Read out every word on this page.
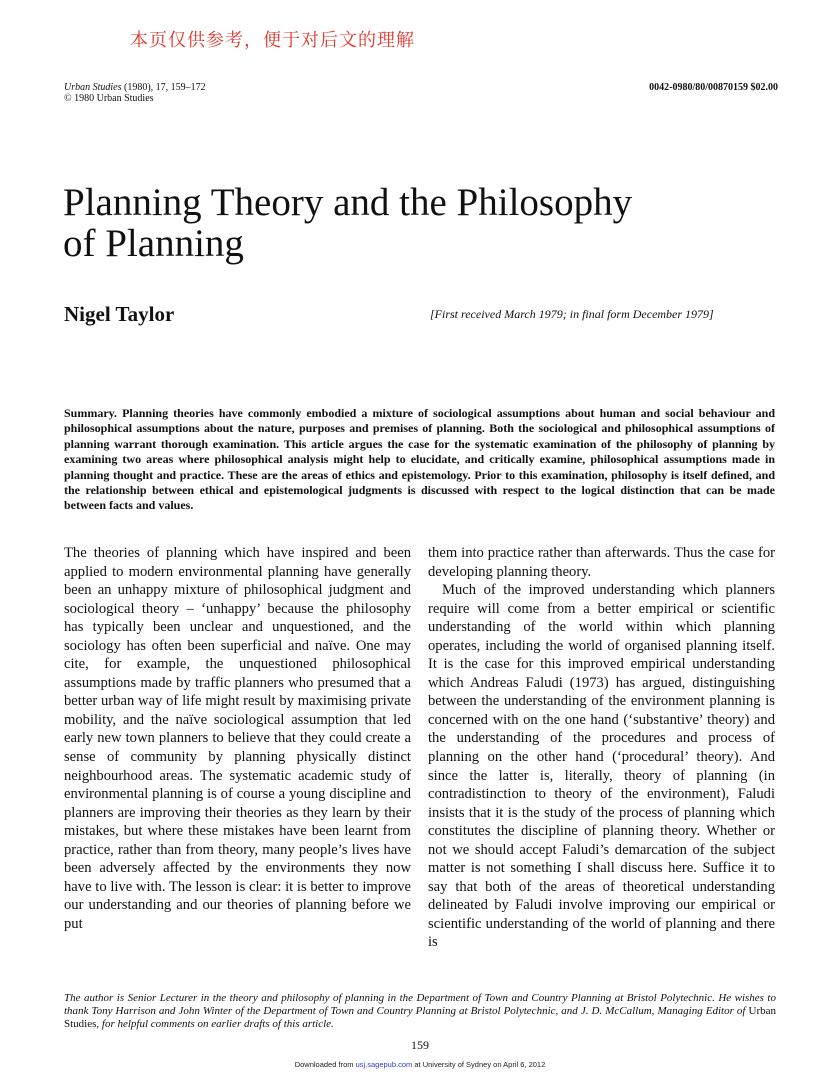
本页仅供参考，便于对后文的理解
Urban Studies (1980), 17, 159–172
© 1980 Urban Studies
0042-0980/80/00870159 $02.00
Planning Theory and the Philosophy
of Planning
Nigel Taylor	[First received March 1979; in final form December 1979]

Summary. Planning theories have commonly embodied a mixture of sociological assumptions about human and social behaviour and philosophical assumptions about the nature, purposes and premises of planning. Both the sociological and philosophical assumptions of planning warrant thorough examination. This article argues the case for the systematic examination of the philosophy of planning by examining two areas where philosophical analysis might help to elucidate, and critically examine, philosophical assumptions made in planning thought and practice. These are the areas of ethics and epistemology. Prior to this examination, philosophy is itself defined, and the relationship between ethical and epistemological judgments is discussed with respect to the logical distinction that can be made between facts and values.

The theories of planning which have inspired and been applied to modern environmental planning have generally been an unhappy mixture of philosophical judgment and sociological theory – ‘unhappy’ because the philosophy has typically been unclear and unquestioned, and the sociology has often been superficial and naïve. One may cite, for example, the unquestioned philosophical assumptions made by traffic planners who presumed that a better urban way of life might result by maximising private mobility, and the naïve sociological assumption that led early new town planners to believe that they could create a sense of community by planning physically distinct neighbourhood areas. The systematic academic study of environmental planning is of course a young discipline and planners are improving their theories as they learn by their mistakes, but where these mistakes have been learnt from practice, rather than from theory, many people’s lives have been adversely affected by the environments they now have to live with. The lesson is clear: it is better to improve our understanding and our theories of planning before we put

them into practice rather than afterwards. Thus the case for developing planning theory.

Much of the improved understanding which planners require will come from a better empirical or scientific understanding of the world within which planning operates, including the world of organised planning itself. It is the case for this improved empirical understanding which Andreas Faludi (1973) has argued, distinguishing between the understanding of the environment planning is concerned with on the one hand (‘substantive’ theory) and the understanding of the procedures and process of planning on the other hand (‘procedural’ theory). And since the latter is, literally, theory of planning (in contradistinction to theory of the environment), Faludi insists that it is the study of the process of planning which constitutes the discipline of planning theory. Whether or not we should accept Faludi’s demarcation of the subject matter is not something I shall discuss here. Suffice it to say that both of the areas of theoretical understanding delineated by Faludi involve improving our empirical or scientific understanding of the world of planning and there is

The author is Senior Lecturer in the theory and philosophy of planning in the Department of Town and Country Planning at Bristol Polytechnic. He wishes to thank Tony Harrison and John Winter of the Department of Town and Country Planning at Bristol Polytechnic, and J. D. McCallum, Managing Editor of Urban Studies, for helpful comments on earlier drafts of this article.

159
Downloaded from usj.sagepub.com at University of Sydney on April 6, 2012
